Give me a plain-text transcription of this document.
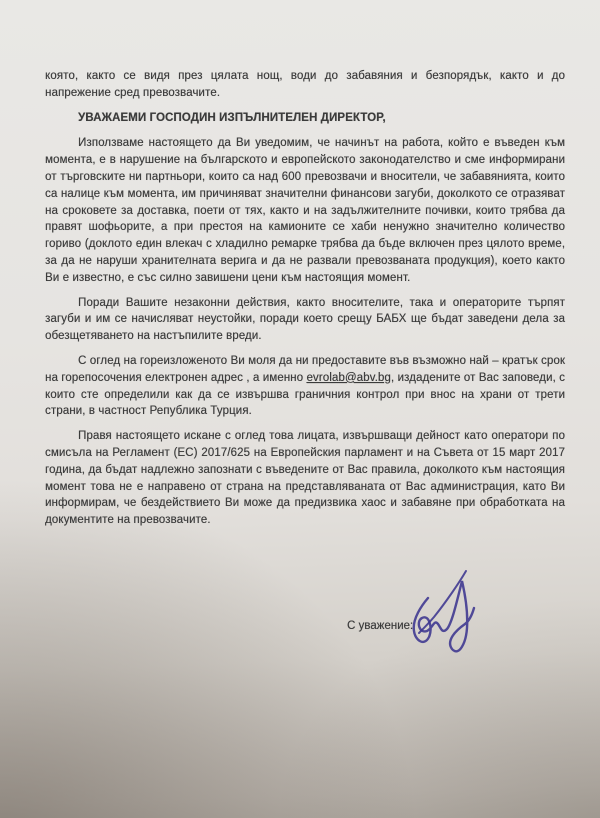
която, както се видя през цялата нощ, води до забавяния и безпорядък, както и до напрежение сред превозвачите.

УВАЖАЕМИ ГОСПОДИН ИЗПЪЛНИТЕЛЕН ДИРЕКТОР,

Използваме настоящето да Ви уведомим, че начинът на работа, който е въведен към момента, е в нарушение на българското и европейското законодателство и сме информирани от търговските ни партньори, които са над 600 превозвачи и вносители, че забавянията, които са налице към момента, им причиняват значителни финансови загуби, доколкото се отразяват на сроковете за доставка, поети от тях, както и на задължителните почивки, които трябва да правят шофьорите, а при престоя на камионите се хаби ненужно значително количество гориво (доклото един влекач с хладилно ремарке трябва да бъде включен през цялото време, за да не наруши хранителната верига и да не развали превозваната продукция), което както Ви е известно, е със силно завишени цени към настоящия момент.

Поради Вашите незаконни действия, както вносителите, така и операторите търпят загуби и им се начисляват неустойки, поради което срещу БАБХ ще бъдат заведени дела за обезщетяването на настъпилите вреди.

С оглед на гореизложеното Ви моля да ни предоставите във възможно най – кратък срок на горепосочения електронен адрес , а именно evrolab@abv.bg, издадените от Вас заповеди, с които сте определили как да се извършва граничния контрол при внос на храни от трети страни, в частност Република Турция.

Правя настоящето искане с оглед това лицата, извършващи дейност като оператори по смисъла на Регламент (ЕС) 2017/625 на Европейския парламент и на Съвета от 15 март 2017 година, да бъдат надлежно запознати с въведените от Вас правила, доколкото към настоящия момент това не е направено от страна на представляваната от Вас администрация, като Ви информирам, че бездействието Ви може да предизвика хаос и забавяне при обработката на документите на превозвачите.

С уважение:
